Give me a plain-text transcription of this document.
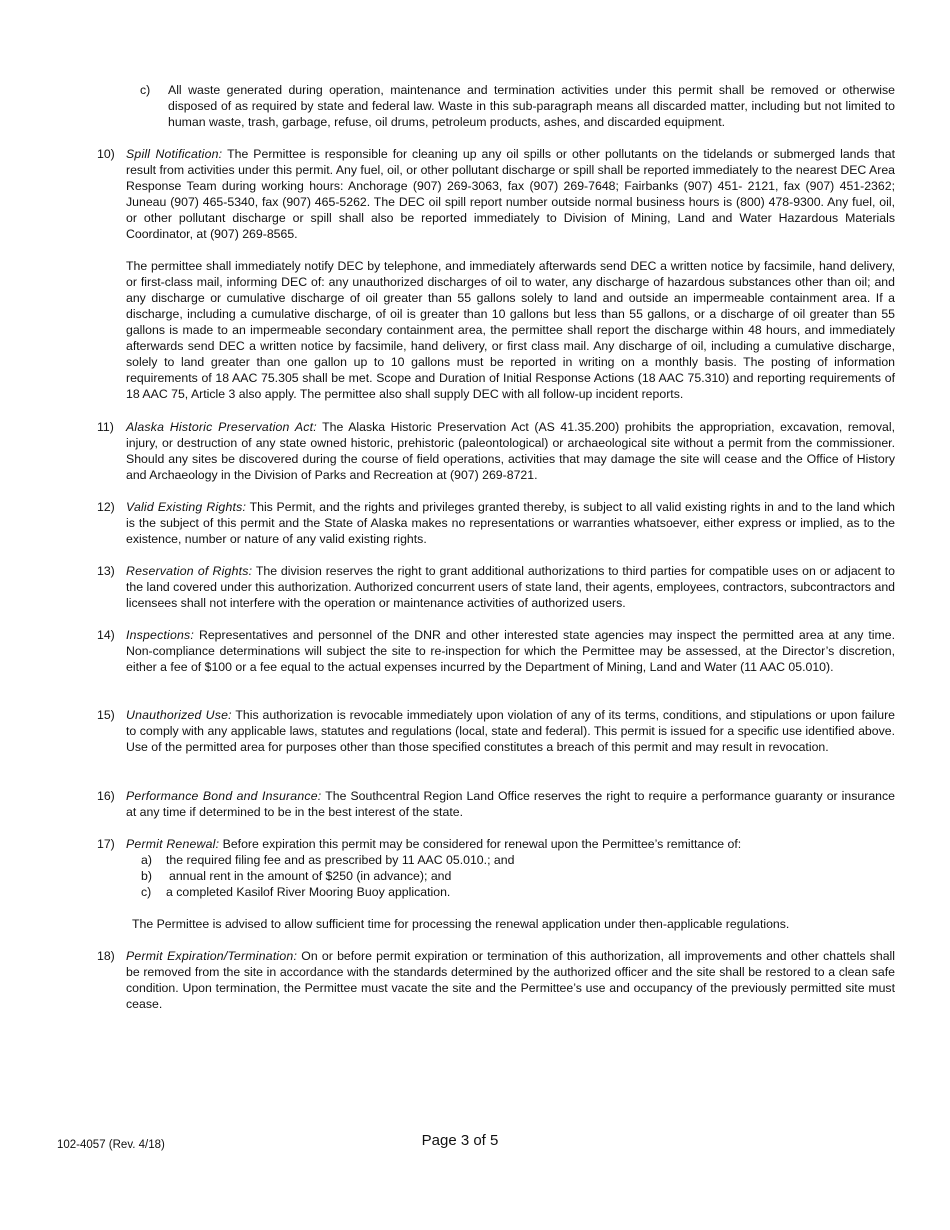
c)	All waste generated during operation, maintenance and termination activities under this permit shall be removed or otherwise disposed of as required by state and federal law. Waste in this sub-paragraph means all discarded matter, including but not limited to human waste, trash, garbage, refuse, oil drums, petroleum products, ashes, and discarded equipment.
10) Spill Notification: The Permittee is responsible for cleaning up any oil spills or other pollutants on the tidelands or submerged lands that result from activities under this permit. Any fuel, oil, or other pollutant discharge or spill shall be reported immediately to the nearest DEC Area Response Team during working hours: Anchorage (907) 269-3063, fax (907) 269-7648; Fairbanks (907) 451- 2121, fax (907) 451-2362; Juneau (907) 465-5340, fax (907) 465-5262. The DEC oil spill report number outside normal business hours is (800) 478-9300. Any fuel, oil, or other pollutant discharge or spill shall also be reported immediately to Division of Mining, Land and Water Hazardous Materials Coordinator, at (907) 269-8565.
The permittee shall immediately notify DEC by telephone, and immediately afterwards send DEC a written notice by facsimile, hand delivery, or first-class mail, informing DEC of: any unauthorized discharges of oil to water, any discharge of hazardous substances other than oil; and any discharge or cumulative discharge of oil greater than 55 gallons solely to land and outside an impermeable containment area. If a discharge, including a cumulative discharge, of oil is greater than 10 gallons but less than 55 gallons, or a discharge of oil greater than 55 gallons is made to an impermeable secondary containment area, the permittee shall report the discharge within 48 hours, and immediately afterwards send DEC a written notice by facsimile, hand delivery, or first class mail. Any discharge of oil, including a cumulative discharge, solely to land greater than one gallon up to 10 gallons must be reported in writing on a monthly basis. The posting of information requirements of 18 AAC 75.305 shall be met. Scope and Duration of Initial Response Actions (18 AAC 75.310) and reporting requirements of 18 AAC 75, Article 3 also apply. The permittee also shall supply DEC with all follow-up incident reports.
11) Alaska Historic Preservation Act: The Alaska Historic Preservation Act (AS 41.35.200) prohibits the appropriation, excavation, removal, injury, or destruction of any state owned historic, prehistoric (paleontological) or archaeological site without a permit from the commissioner. Should any sites be discovered during the course of field operations, activities that may damage the site will cease and the Office of History and Archaeology in the Division of Parks and Recreation at (907) 269-8721.
12) Valid Existing Rights: This Permit, and the rights and privileges granted thereby, is subject to all valid existing rights in and to the land which is the subject of this permit and the State of Alaska makes no representations or warranties whatsoever, either express or implied, as to the existence, number or nature of any valid existing rights.
13) Reservation of Rights: The division reserves the right to grant additional authorizations to third parties for compatible uses on or adjacent to the land covered under this authorization. Authorized concurrent users of state land, their agents, employees, contractors, subcontractors and licensees shall not interfere with the operation or maintenance activities of authorized users.
14) Inspections: Representatives and personnel of the DNR and other interested state agencies may inspect the permitted area at any time. Non-compliance determinations will subject the site to re-inspection for which the Permittee may be assessed, at the Director’s discretion, either a fee of $100 or a fee equal to the actual expenses incurred by the Department of Mining, Land and Water (11 AAC 05.010).
15) Unauthorized Use: This authorization is revocable immediately upon violation of any of its terms, conditions, and stipulations or upon failure to comply with any applicable laws, statutes and regulations (local, state and federal). This permit is issued for a specific use identified above. Use of the permitted area for purposes other than those specified constitutes a breach of this permit and may result in revocation.
16) Performance Bond and Insurance: The Southcentral Region Land Office reserves the right to require a performance guaranty or insurance at any time if determined to be in the best interest of the state.
17) Permit Renewal: Before expiration this permit may be considered for renewal upon the Permittee’s remittance of:
a) the required filing fee and as prescribed by 11 AAC 05.010.; and
b) annual rent in the amount of $250 (in advance); and
c) a completed Kasilof River Mooring Buoy application.
The Permittee is advised to allow sufficient time for processing the renewal application under then-applicable regulations.
18) Permit Expiration/Termination: On or before permit expiration or termination of this authorization, all improvements and other chattels shall be removed from the site in accordance with the standards determined by the authorized officer and the site shall be restored to a clean safe condition. Upon termination, the Permittee must vacate the site and the Permittee’s use and occupancy of the previously permitted site must cease.
102-4057 (Rev. 4/18)	Page 3 of 5
